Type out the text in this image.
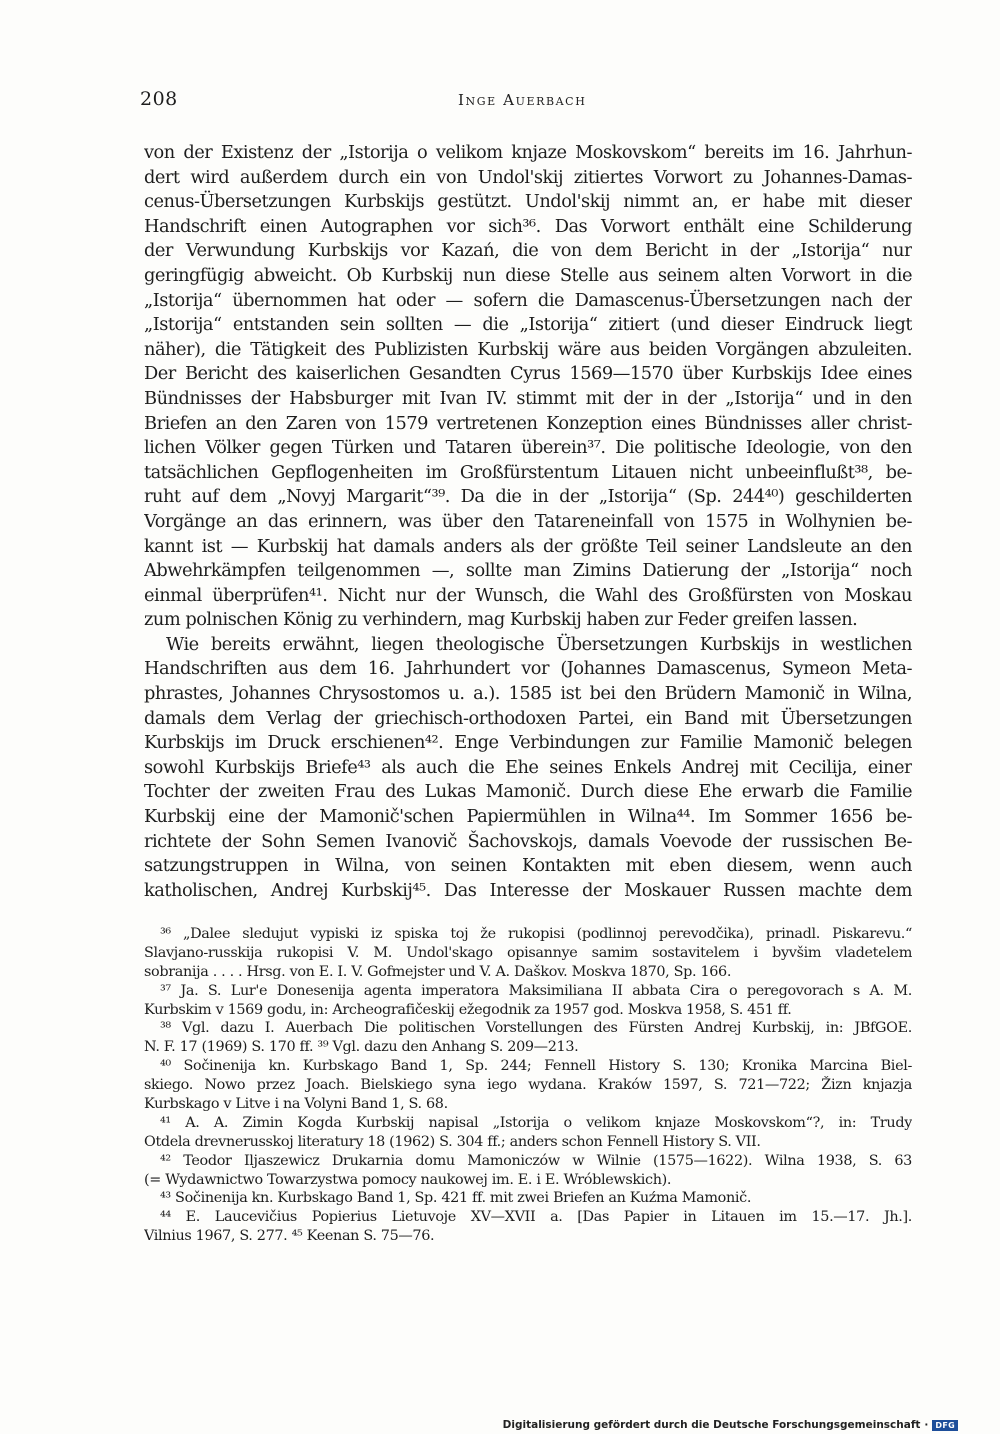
208	Inge Auerbach
von der Existenz der „Istorija o velikom knjaze Moskovskom“ bereits im 16. Jahrhun-
dert wird außerdem durch ein von Undol'skij zitiertes Vorwort zu Johannes-Damas-
cenus-Übersetzungen Kurbskijs gestützt. Undol'skij nimmt an, er habe mit dieser
Handschrift einen Autographen vor sich³⁶. Das Vorwort enthält eine Schilderung
der Verwundung Kurbskijs vor Kazań, die von dem Bericht in der „Istorija“ nur
geringfügig abweicht. Ob Kurbskij nun diese Stelle aus seinem alten Vorwort in die
„Istorija“ übernommen hat oder — sofern die Damascenus-Übersetzungen nach der
„Istorija“ entstanden sein sollten — die „Istorija“ zitiert (und dieser Eindruck liegt
näher), die Tätigkeit des Publizisten Kurbskij wäre aus beiden Vorgängen abzuleiten.
Der Bericht des kaiserlichen Gesandten Cyrus 1569—1570 über Kurbskijs Idee eines
Bündnisses der Habsburger mit Ivan IV. stimmt mit der in der „Istorija“ und in den
Briefen an den Zaren von 1579 vertretenen Konzeption eines Bündnisses aller christ-
lichen Völker gegen Türken und Tataren überein³⁷. Die politische Ideologie, von den
tatsächlichen Gepflogenheiten im Großfürstentum Litauen nicht unbeeinflußt³⁸, be-
ruht auf dem „Novyj Margarit“³⁹. Da die in der „Istorija“ (Sp. 244⁴⁰) geschilderten
Vorgänge an das erinnern, was über den Tatareneinfall von 1575 in Wolhynien be-
kannt ist — Kurbskij hat damals anders als der größte Teil seiner Landsleute an den
Abwehrkämpfen teilgenommen —, sollte man Zimins Datierung der „Istorija“ noch
einmal überprüfen⁴¹. Nicht nur der Wunsch, die Wahl des Großfürsten von Moskau
zum polnischen König zu verhindern, mag Kurbskij haben zur Feder greifen lassen.
Wie bereits erwähnt, liegen theologische Übersetzungen Kurbskijs in westlichen
Handschriften aus dem 16. Jahrhundert vor (Johannes Damascenus, Symeon Meta-
phrastes, Johannes Chrysostomos u. a.). 1585 ist bei den Brüdern Mamonič in Wilna,
damals dem Verlag der griechisch-orthodoxen Partei, ein Band mit Übersetzungen
Kurbskijs im Druck erschienen⁴². Enge Verbindungen zur Familie Mamonič belegen
sowohl Kurbskijs Briefe⁴³ als auch die Ehe seines Enkels Andrej mit Cecilija, einer
Tochter der zweiten Frau des Lukas Mamonič. Durch diese Ehe erwarb die Familie
Kurbskij eine der Mamonič'schen Papiermühlen in Wilna⁴⁴. Im Sommer 1656 be-
richtete der Sohn Semen Ivanovič Šachovskojs, damals Voevode der russischen Be-
satzungstruppen in Wilna, von seinen Kontakten mit eben diesem, wenn auch
katholischen, Andrej Kurbskij⁴⁵. Das Interesse der Moskauer Russen machte dem
³⁶ „Dalee sledujut vypiski iz spiska toj že rukopisi (podlinnoj perevodčika), prinadl. Piskarevu.“
Slavjano-russkija rukopisi V. M. Undol'skago opisannye samim sostavitelem i byvšim vladetelem
sobranija . . . . Hrsg. von E. I. V. Gofmejster und V. A. Daškov. Moskva 1870, Sp. 166.
³⁷ Ja. S. Lur'e Donesenija agenta imperatora Maksimiliana II abbata Cira o peregovorach s A. M.
Kurbskim v 1569 godu, in: Archeografičeskij ežegodnik za 1957 god. Moskva 1958, S. 451 ff.
³⁸ Vgl. dazu I. Auerbach Die politischen Vorstellungen des Fürsten Andrej Kurbskij, in: JBfGOE.
N. F. 17 (1969) S. 170 ff. ³⁹ Vgl. dazu den Anhang S. 209—213.
⁴⁰ Sočinenija kn. Kurbskago Band 1, Sp. 244; Fennell History S. 130; Kronika Marcina Biel-
skiego. Nowo przez Joach. Bielskiego syna iego wydana. Kraków 1597, S. 721—722; Žizn knjazja
Kurbskago v Litve i na Volyni Band 1, S. 68.
⁴¹ A. A. Zimin Kogda Kurbskij napisal „Istorija o velikom knjaze Moskovskom“?, in: Trudy
Otdela drevnerusskoj literatury 18 (1962) S. 304 ff.; anders schon Fennell History S. VII.
⁴² Teodor Iljaszewicz Drukarnia domu Mamoniczów w Wilnie (1575—1622). Wilna 1938, S. 63
(= Wydawnictwo Towarzystwa pomocy naukowej im. E. i E. Wróblewskich).
⁴³ Sočinenija kn. Kurbskago Band 1, Sp. 421 ff. mit zwei Briefen an Kuźma Mamonič.
⁴⁴ E. Laucevičius Popierius Lietuvoje XV—XVII a. [Das Papier in Litauen im 15.—17. Jh.].
Vilnius 1967, S. 277. ⁴⁵ Keenan S. 75—76.
Digitalisierung gefördert durch die Deutsche Forschungsgemeinschaft · DFG
